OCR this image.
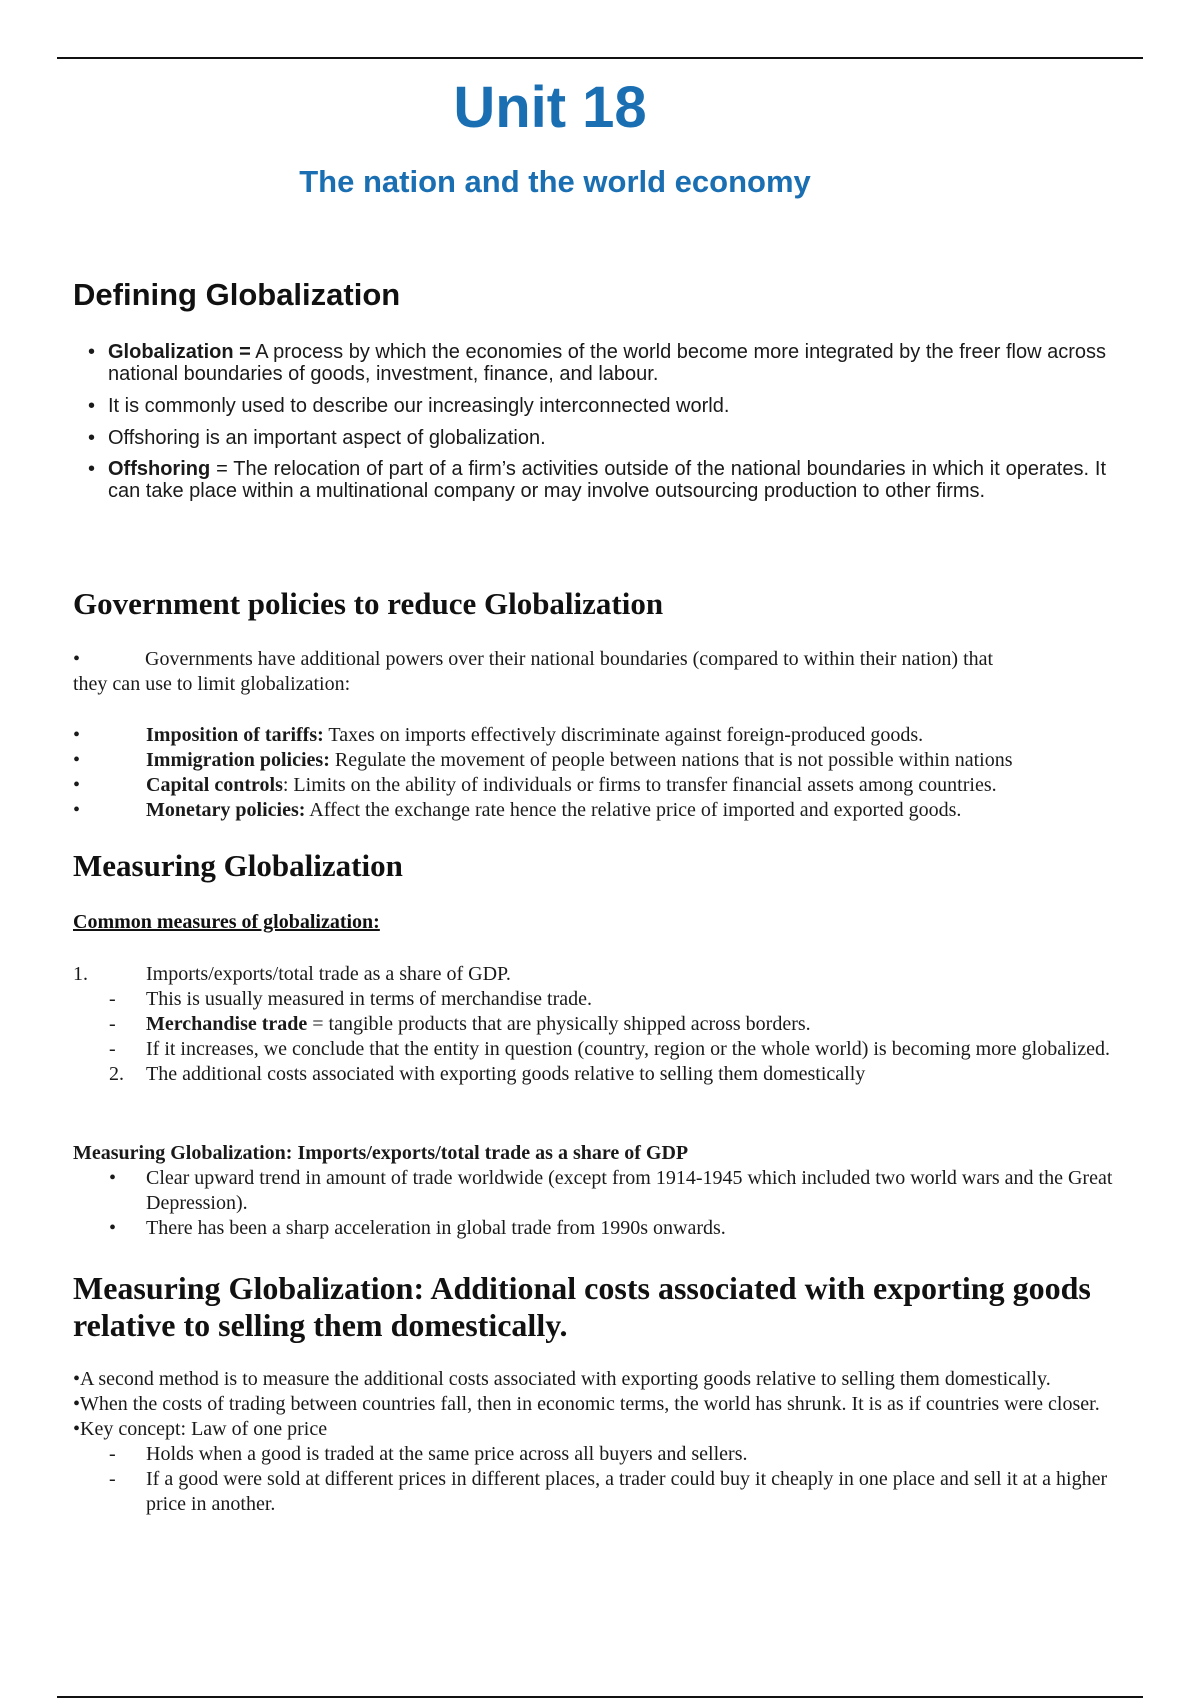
Unit 18
The nation and the world economy
Defining Globalization
• Globalization = A process by which the economies of the world become more integrated by the freer flow across national boundaries of goods, investment, finance, and labour.
• It is commonly used to describe our increasingly interconnected world.
• Offshoring is an important aspect of globalization.
• Offshoring = The relocation of part of a firm’s activities outside of the national boundaries in which it operates. It can take place within a multinational company or may involve outsourcing production to other firms.
Government policies to reduce Globalization
•	Governments have additional powers over their national boundaries (compared to within their nation) that
they can use to limit globalization:
•	Imposition of tariffs: Taxes on imports effectively discriminate against foreign-produced goods.
•	Immigration policies: Regulate the movement of people between nations that is not possible within nations
•	Capital controls: Limits on the ability of individuals or firms to transfer financial assets among countries.
•	Monetary policies: Affect the exchange rate hence the relative price of imported and exported goods.
Measuring Globalization
Common measures of globalization:
1.	Imports/exports/total trade as a share of GDP.
-	This is usually measured in terms of merchandise trade.
-	Merchandise trade = tangible products that are physically shipped across borders.
-	If it increases, we conclude that the entity in question (country, region or the whole world) is becoming more globalized.
2.	The additional costs associated with exporting goods relative to selling them domestically
Measuring Globalization: Imports/exports/total trade as a share of GDP
•	Clear upward trend in amount of trade worldwide (except from 1914-1945 which included two world wars and the Great Depression).
•	There has been a sharp acceleration in global trade from 1990s onwards.
Measuring Globalization: Additional costs associated with exporting goods relative to selling them domestically.
•A second method is to measure the additional costs associated with exporting goods relative to selling them domestically.
•When the costs of trading between countries fall, then in economic terms, the world has shrunk. It is as if countries were closer.
•Key concept: Law of one price
-	Holds when a good is traded at the same price across all buyers and sellers.
-	If a good were sold at different prices in different places, a trader could buy it cheaply in one place and sell it at a higher price in another.
